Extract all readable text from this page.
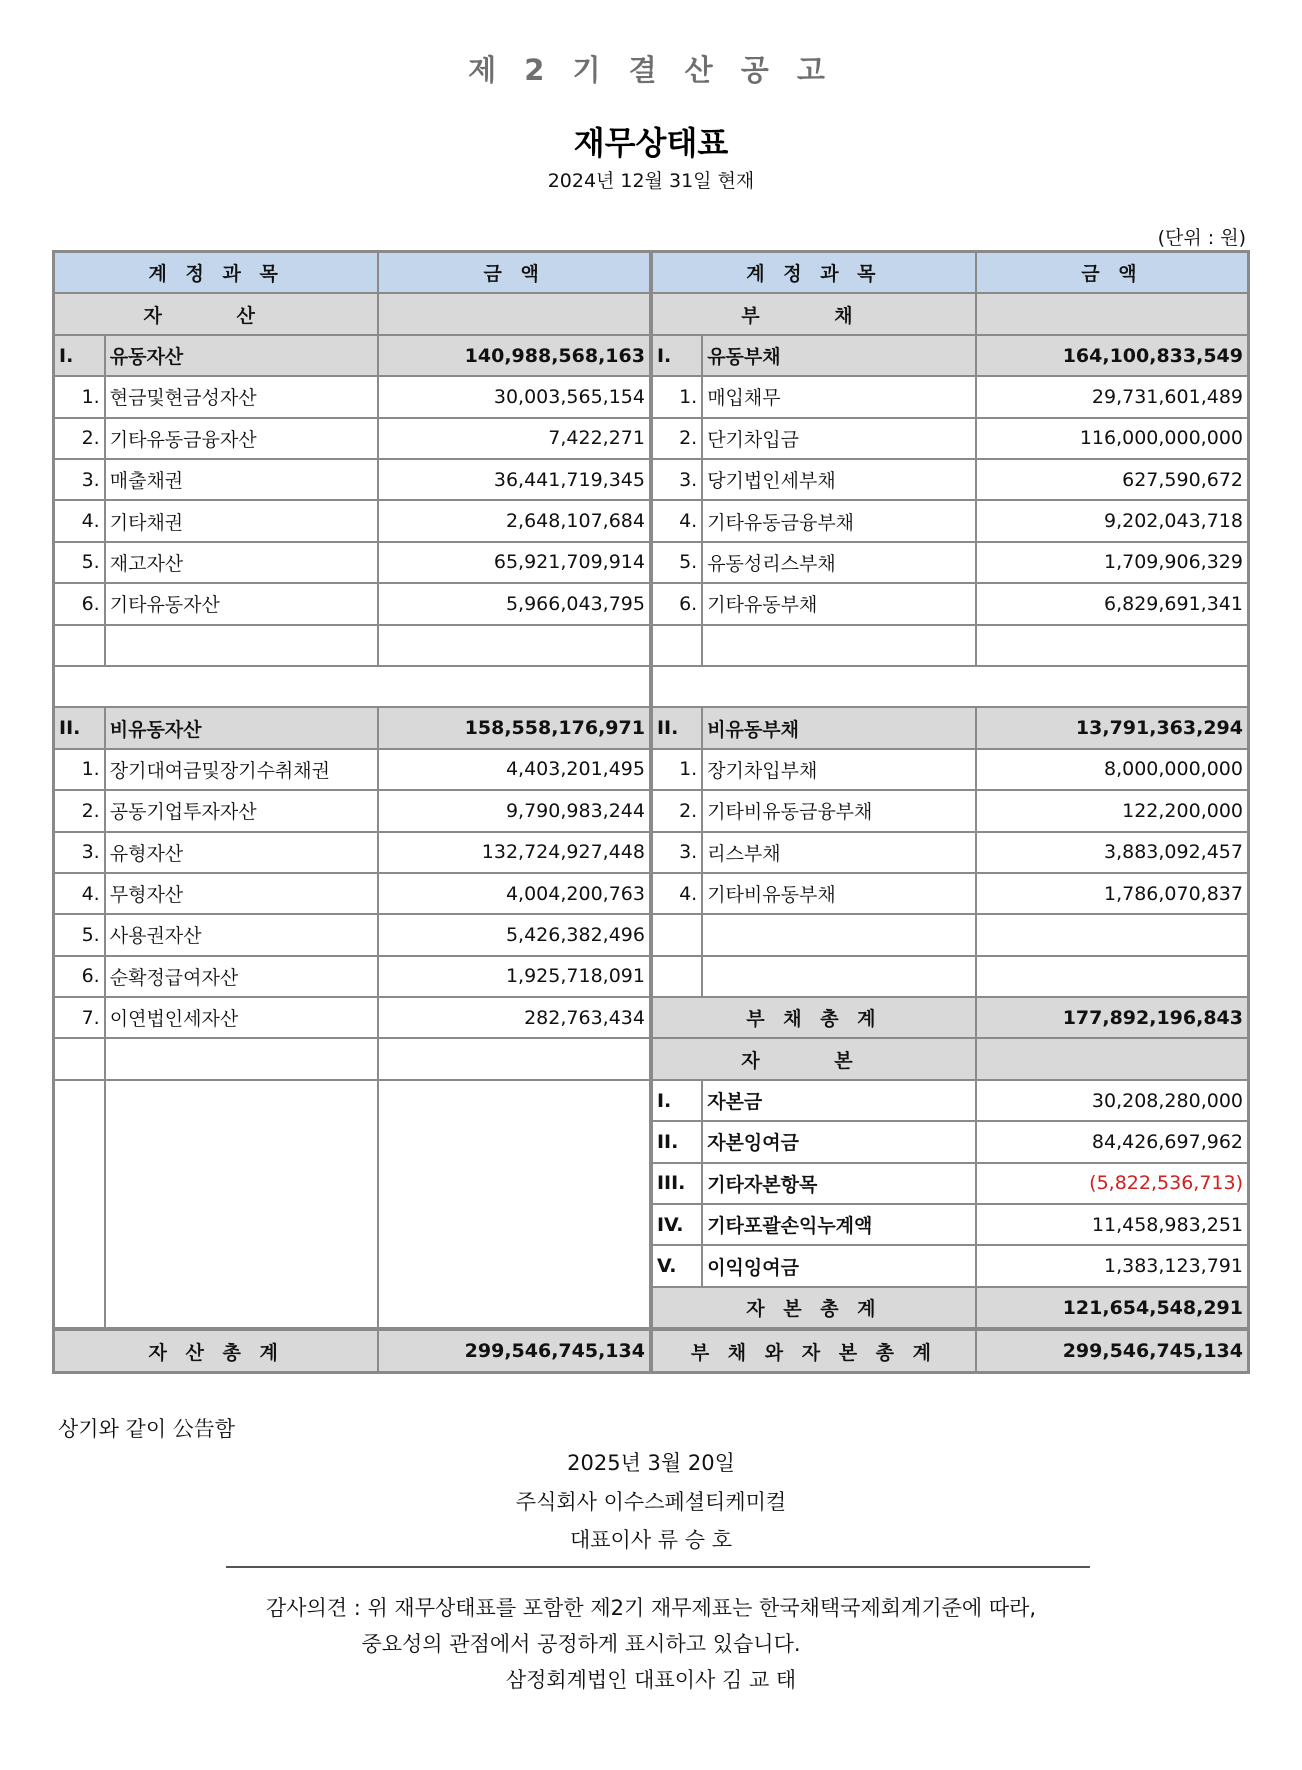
제 2 기 결 산 공 고
재무상태표
2024년 12월 31일 현재
(단위 : 원)
계 정 과 목		금 액	계 정 과 목		금 액
자 산			부 채		
I.	유동자산	140,988,568,163	I.	유동부채	164,100,833,549
1.	현금및현금성자산	30,003,565,154	1.	매입채무	29,731,601,489
2.	기타유동금융자산	7,422,271	2.	단기차입금	116,000,000,000
3.	매출채권	36,441,719,345	3.	당기법인세부채	627,590,672
4.	기타채권	2,648,107,684	4.	기타유동금융부채	9,202,043,718
5.	재고자산	65,921,709,914	5.	유동성리스부채	1,709,906,329
6.	기타유동자산	5,966,043,795	6.	기타유동부채	6,829,691,341

II.	비유동자산	158,558,176,971	II.	비유동부채	13,791,363,294
1.	장기대여금및장기수취채권	4,403,201,495	1.	장기차입부채	8,000,000,000
2.	공동기업투자자산	9,790,983,244	2.	기타비유동금융부채	122,200,000
3.	유형자산	132,724,927,448	3.	리스부채	3,883,092,457
4.	무형자산	4,004,200,763	4.	기타비유동부채	1,786,070,837
5.	사용권자산	5,426,382,496			
6.	순확정급여자산	1,925,718,091			
7.	이연법인세자산	282,763,434	부 채 총 계		177,892,196,843
			자 본		
			I.	자본금	30,208,280,000
			II.	자본잉여금	84,426,697,962
			III.	기타자본항목	(5,822,536,713)
			IV.	기타포괄손익누계액	11,458,983,251
			V.	이익잉여금	1,383,123,791
			자 본 총 계		121,654,548,291
자 산 총 계		299,546,745,134	부 채 와 자 본 총 계		299,546,745,134
상기와 같이 公告함
2025년 3월 20일
주식회사 이수스페셜티케미컬
대표이사 류 승 호
감사의견 : 위 재무상태표를 포함한 제2기 재무제표는 한국채택국제회계기준에 따라,
중요성의 관점에서 공정하게 표시하고 있습니다.
삼정회계법인 대표이사 김 교 태
